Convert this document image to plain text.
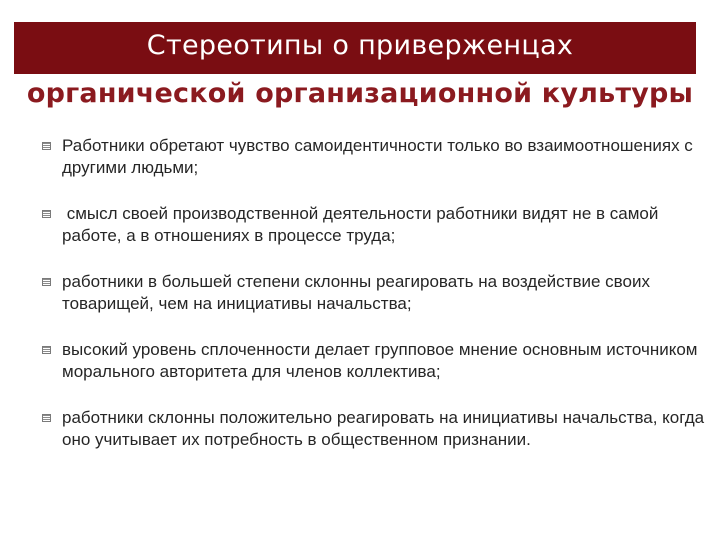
Стереотипы о приверженцах
органической организационной культуры
Работники обретают чувство самоидентичности только во взаимоотношениях с другими людьми;
смысл своей производственной деятельности работники видят не в самой работе, а в отношениях в процессе труда;
работники в большей степени склонны реагировать на воздействие своих товарищей, чем на инициативы начальства;
высокий уровень сплоченности делает групповое мнение основным источником морального авторитета для членов коллектива;
работники склонны положительно реагировать на инициативы начальства, когда оно учитывает их потребность в общественном признании.
